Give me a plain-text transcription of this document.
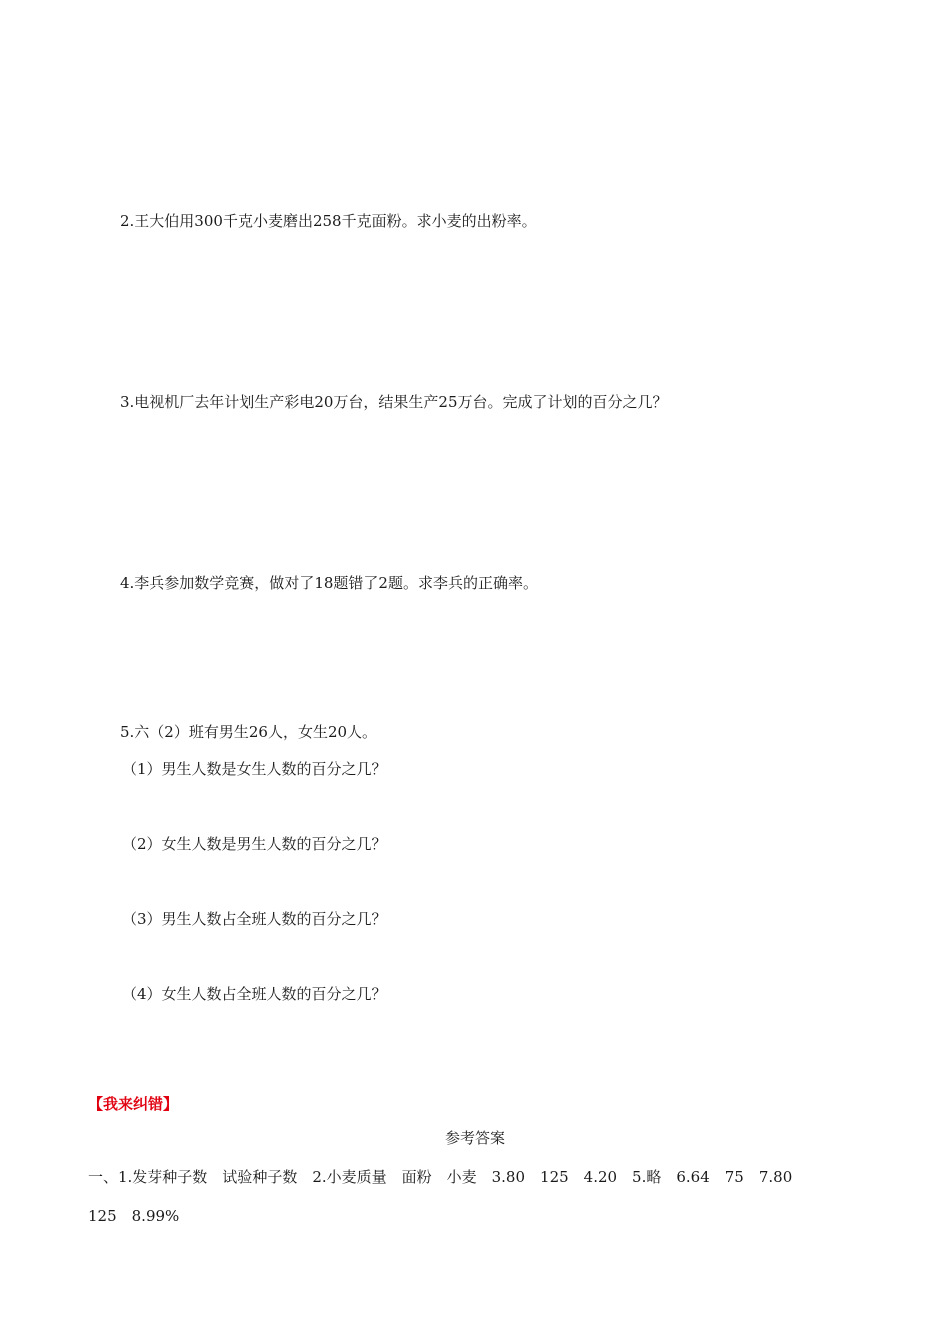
2.王大伯用300千克小麦磨出258千克面粉。求小麦的出粉率。
3.电视机厂去年计划生产彩电20万台，结果生产25万台。完成了计划的百分之几？
4.李兵参加数学竞赛，做对了18题错了2题。求李兵的正确率。
5.六（2）班有男生26人，女生20人。
（1）男生人数是女生人数的百分之几？
（2）女生人数是男生人数的百分之几？
（3）男生人数占全班人数的百分之几？
（4）女生人数占全班人数的百分之几？
【我来纠错】
参考答案
一、1.发芽种子数　试验种子数　2.小麦质量　面粉　小麦　3.80　125　4.20　5.略　6.64　75　7.80
125　8.99%
